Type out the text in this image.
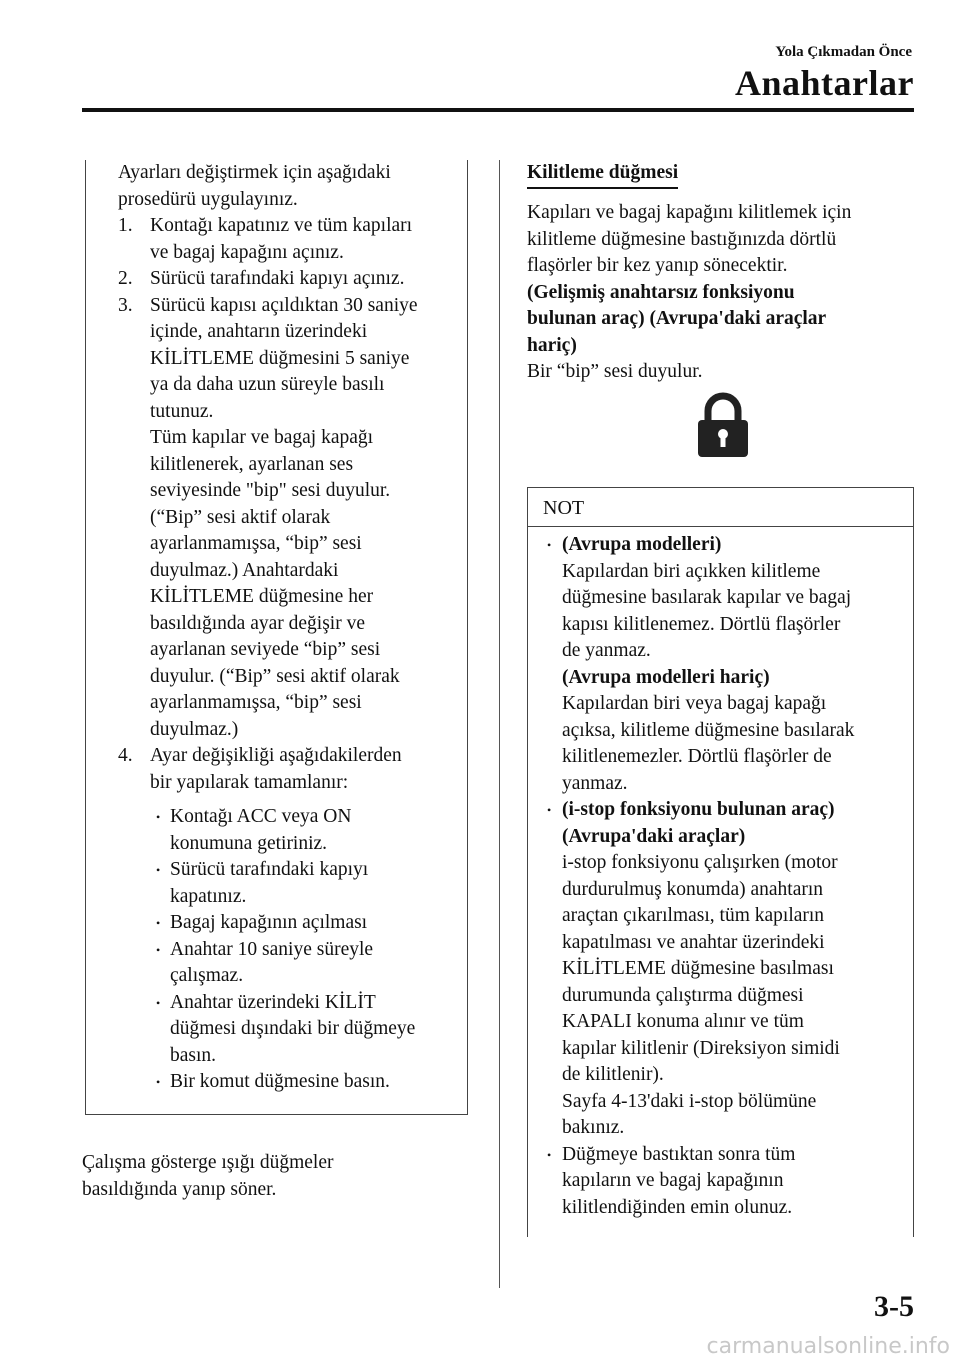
Yola Çıkmadan Önce
Anahtarlar
Ayarları değiştirmek için aşağıdaki
prosedürü uygulayınız.
1. Kontağı kapatınız ve tüm kapıları
ve bagaj kapağını açınız.
2. Sürücü tarafındaki kapıyı açınız.
3. Sürücü kapısı açıldıktan 30 saniye
içinde, anahtarın üzerindeki
KİLİTLEME düğmesini 5 saniye
ya da daha uzun süreyle basılı
tutunuz.
Tüm kapılar ve bagaj kapağı
kilitlenerek, ayarlanan ses
seviyesinde "bip" sesi duyulur.
(“Bip” sesi aktif olarak
ayarlanmamışsa, “bip” sesi
duyulmaz.) Anahtardaki
KİLİTLEME düğmesine her
basıldığında ayar değişir ve
ayarlanan seviyede “bip” sesi
duyulur. (“Bip” sesi aktif olarak
ayarlanmamışsa, “bip” sesi
duyulmaz.)
4. Ayar değişikliği aşağıdakilerden
bir yapılarak tamamlanır:
• Kontağı ACC veya ON
konumuna getiriniz.
• Sürücü tarafındaki kapıyı
kapatınız.
• Bagaj kapağının açılması
• Anahtar 10 saniye süreyle
çalışmaz.
• Anahtar üzerindeki KİLİT
düğmesi dışındaki bir düğmeye
basın.
• Bir komut düğmesine basın.
Çalışma gösterge ışığı düğmeler
basıldığında yanıp söner.
Kilitleme düğmesi
Kapıları ve bagaj kapağını kilitlemek için
kilitleme düğmesine bastığınızda dörtlü
flaşörler bir kez yanıp sönecektir.
(Gelişmiş anahtarsız fonksiyonu
bulunan araç) (Avrupa'daki araçlar
hariç)
Bir “bip” sesi duyulur.
NOT
• (Avrupa modelleri)
Kapılardan biri açıkken kilitleme
düğmesine basılarak kapılar ve bagaj
kapısı kilitlenemez. Dörtlü flaşörler
de yanmaz.
(Avrupa modelleri hariç)
Kapılardan biri veya bagaj kapağı
açıksa, kilitleme düğmesine basılarak
kilitlenemezler. Dörtlü flaşörler de
yanmaz.
• (i-stop fonksiyonu bulunan araç)
(Avrupa'daki araçlar)
i-stop fonksiyonu çalışırken (motor
durdurulmuş konumda) anahtarın
araçtan çıkarılması, tüm kapıların
kapatılması ve anahtar üzerindeki
KİLİTLEME düğmesine basılması
durumunda çalıştırma düğmesi
KAPALI konuma alınır ve tüm
kapılar kilitlenir (Direksiyon simidi
de kilitlenir).
Sayfa 4-13'daki i-stop bölümüne
bakınız.
• Düğmeye bastıktan sonra tüm
kapıların ve bagaj kapağının
kilitlendiğinden emin olunuz.
3-5
carmanualsonline.info
